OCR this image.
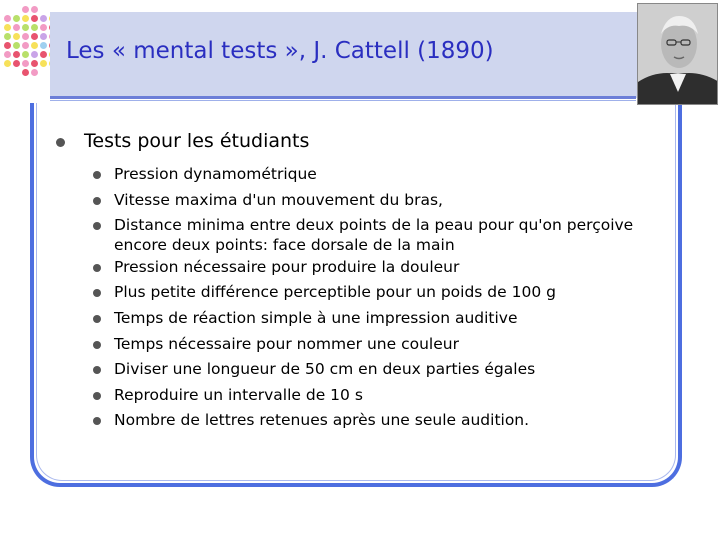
Les « mental tests », J. Cattell (1890)
Tests pour les étudiants
Pression dynamométrique
Vitesse maxima d'un mouvement du bras,
Distance minima entre deux points de la peau pour qu'on perçoive
encore deux points: face dorsale de la main
Pression nécessaire pour produire la douleur
Plus petite différence perceptible pour un poids de 100 g
Temps de réaction simple à une impression auditive
Temps nécessaire pour nommer une couleur
Diviser une longueur de 50 cm en deux parties égales
Reproduire un intervalle de 10 s
Nombre de lettres retenues après une seule audition.
